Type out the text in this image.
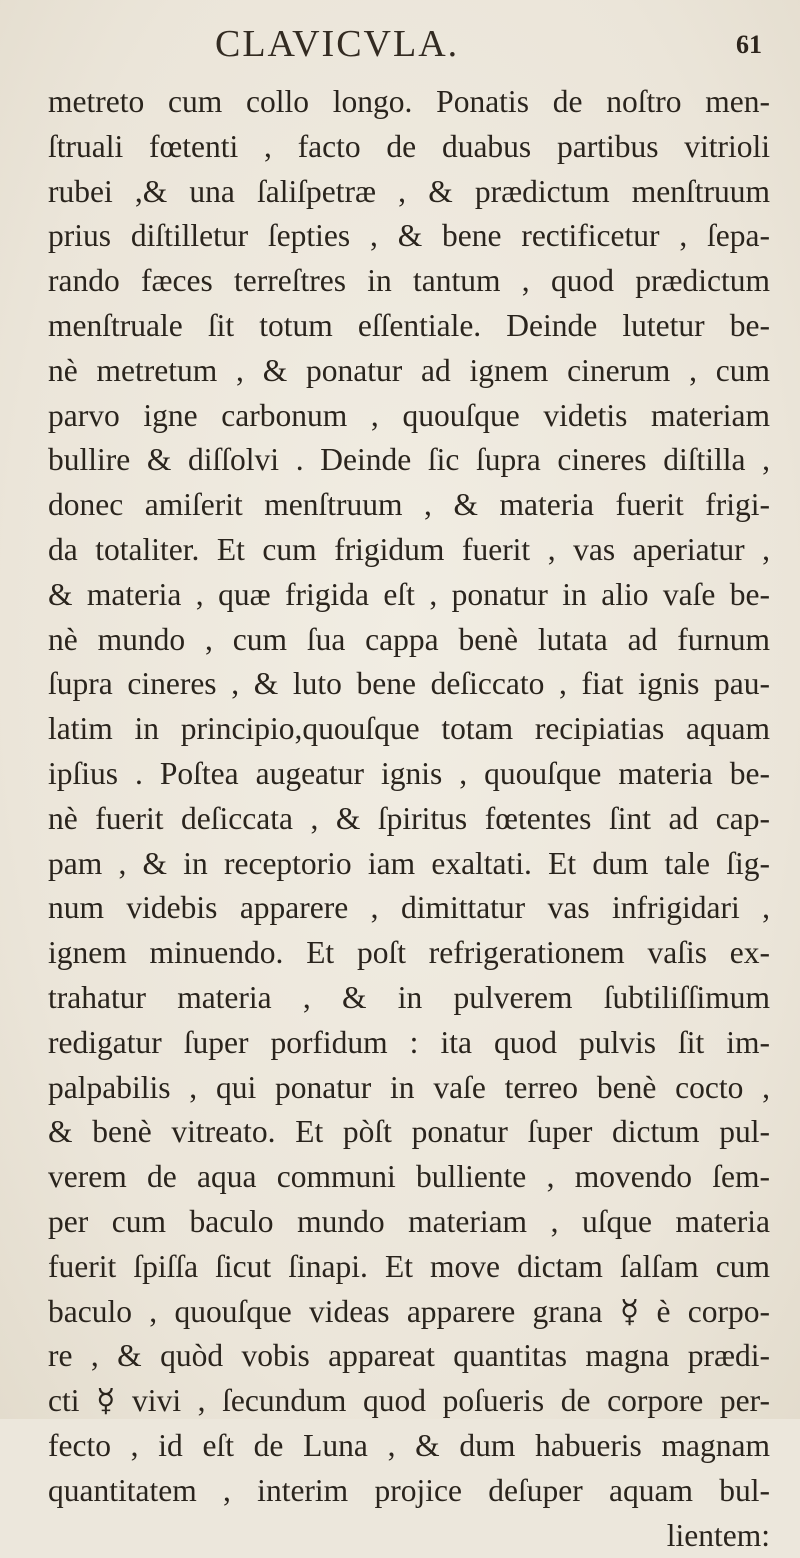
CLAVICVLA.	61
metreto cum collo longo. Ponatis de noſtro men-
ſtruali fœtenti , facto de duabus partibus vitrioli
rubei ,& una ſaliſpetræ , & prædictum menſtruum
prius diſtilletur ſepties , & bene rectificetur , ſepa-
rando fæces terreſtres in tantum , quod prædictum
menſtruale ſit totum eſſentiale. Deinde lutetur be-
nè metretum , & ponatur ad ignem cinerum , cum
parvo igne carbonum , quouſque videtis materiam
bullire & diſſolvi . Deinde ſic ſupra cineres diſtilla ,
donec amiſerit menſtruum , & materia fuerit frigi-
da totaliter. Et cum frigidum fuerit , vas aperiatur ,
& materia , quæ frigida eſt , ponatur in alio vaſe be-
nè mundo , cum ſua cappa benè lutata ad furnum
ſupra cineres , & luto bene deſiccato , fiat ignis pau-
latim in principio,quouſque totam recipiatias aquam
ipſius . Poſtea augeatur ignis , quouſque materia be-
nè fuerit deſiccata , & ſpiritus fœtentes ſint ad cap-
pam , & in receptorio iam exaltati. Et dum tale ſig-
num videbis apparere , dimittatur vas infrigidari ,
ignem minuendo. Et poſt refrigerationem vaſis ex-
trahatur materia , & in pulverem ſubtiliſſimum
redigatur ſuper porfidum : ita quod pulvis ſit im-
palpabilis , qui ponatur in vaſe terreo benè cocto ,
& benè vitreato. Et pòſt ponatur ſuper dictum pul-
verem de aqua communi bulliente , movendo ſem-
per cum baculo mundo materiam , uſque materia
fuerit ſpiſſa ſicut ſinapi. Et move dictam ſalſam cum
baculo , quouſque videas apparere grana ☿ è corpo-
re , & quòd vobis appareat quantitas magna prædi-
cti ☿ vivi , ſecundum quod poſueris de corpore per-
fecto , id eſt de Luna , & dum habueris magnam
quantitatem , interim projice deſuper aquam bul-
lientem:
